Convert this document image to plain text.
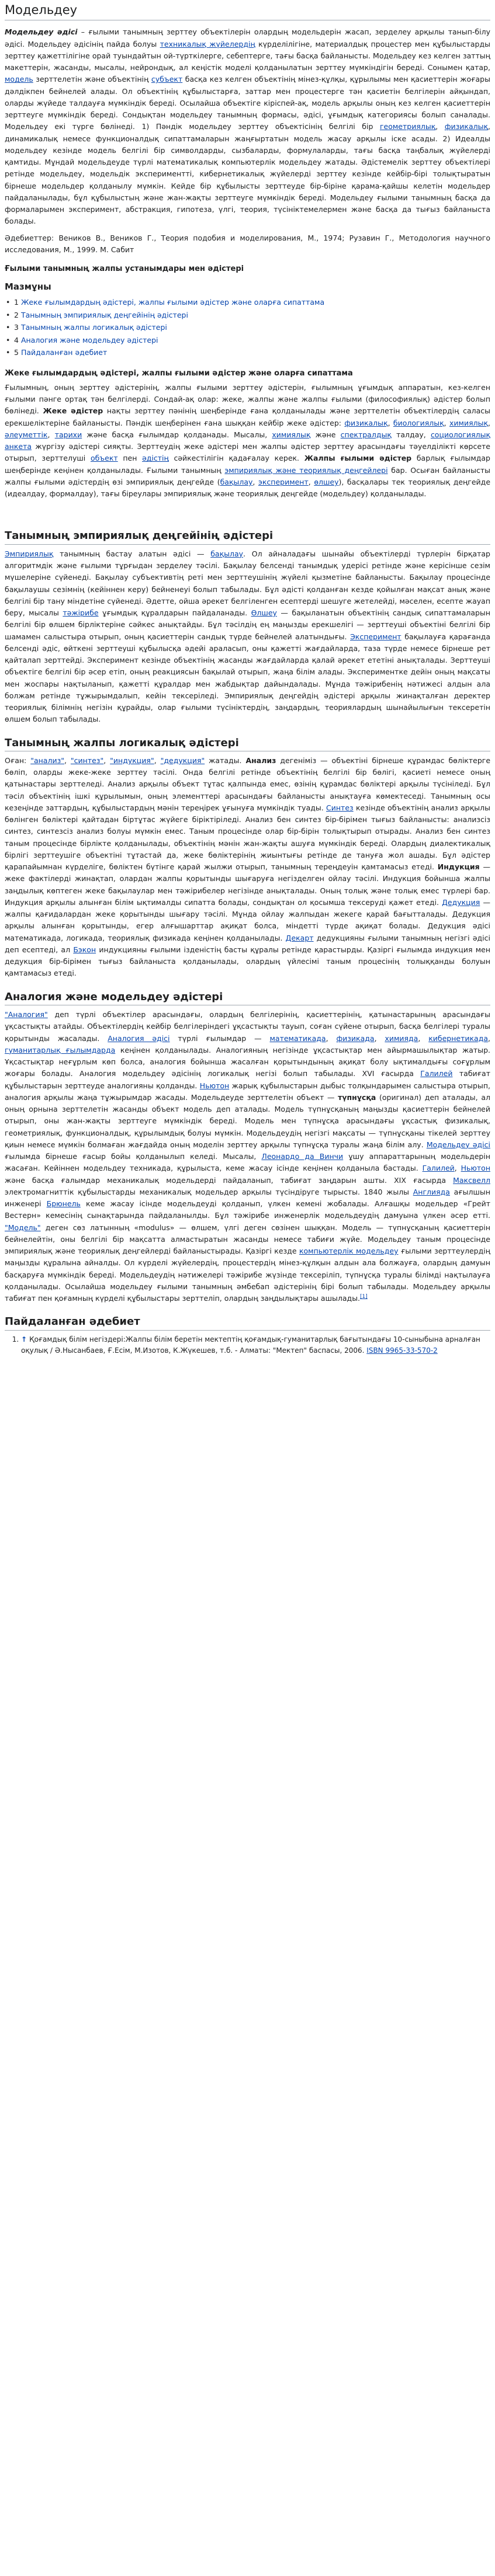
Модельдеу

Модельдеу әдісі – ғылыми танымның зерттеу объектілерін олардың модельдерін жасап, зерделеу арқылы танып-білу әдісі. Модельдеу әдісінің пайда болуы техникалық жүйелердің күрделілігіне, материалдық процестер мен құбылыстарды зерттеу қажеттілігіне орай туындайтын ой-түрткілерге, себептерге, тағы басқа байланысты. Модельдеу кез келген заттың макеттерін, жасанды, мысалы, нейрондық, ал кеңістік моделі қолданылатын зерттеу мүмкіндігін береді. Сонымен қатар, модель зерттелетін және объектінің субъект басқа кез келген объектінің мінез-құлқы, құрылымы мен қасиеттерін жоғары дәлдікпен бейнелей алады. Ол объектінің құбылыстарға, заттар мен процестерге тән қасиетін белгілерін айқындап, оларды жүйеде талдауға мүмкіндік береді. Осылайша объектіге кіріспей-ақ, модель арқылы оның кез келген қасиеттерін зерттеуге мүмкіндік береді. Сондықтан модельдеу танымның формасы, әдісі, ұғымдық категориясы болып саналады. Модельдеу екі түрге бөлінеді. 1) Пәндік модельдеу зерттеу объектісінің белгілі бір геометриялық, физикалық, динамикалық немесе функционалдық сипаттамаларын жаңғыртатын модель жасау арқылы іске асады. 2) Идеалды модельдеу кезінде модель белгілі бір символдарды, сызбаларды, формулаларды, тағы басқа таңбалық жүйелерді қамтиды. Мұндай модельдеуде түрлі математикалық компьютерлік модельдеу жатады. Әдістемелік зерттеу объектілері ретінде модельдеу, модельдік экспериментті, кибернетикалық жүйелерді зерттеу кезінде кейбір-бірі толықтыратын бірнеше модельдер қолданылу мүмкін. Кейде бір құбылысты зерттеуде бір-біріне қарама-қайшы келетін модельдер пайдаланылады, бұл құбылыстың және жан-жақты зерттеуге мүмкіндік береді. Модельдеу ғылыми танымның басқа да формаларымен эксперимент, абстракция, гипотеза, үлгі, теория, түсініктемелермен және басқа да тығыз байланыста болады.

Әдебиеттер: Веников В., Веников Г., Теория подобия и моделирования, М., 1974; Рузавин Г., Методология научного исследования, М., 1999. М. Сабит

Ғылыми танымның жалпы устанымдары мен әдістері
Мазмұны
• 1 Жеке ғылымдардың әдістері, жалпы ғылыми әдістер және оларға сипаттама
• 2 Танымның эмпириялық деңгейінің әдістері
• 3 Танымның жалпы логикалық әдістері
• 4 Аналогия және модельдеу әдістері
• 5 Пайдаланған әдебиет
Жеке ғылымдардың әдістері, жалпы ғылыми әдістер және оларға сипаттама

Ғылымның, оның зерттеу әдістерінің, жалпы ғылыми зерттеу әдістерін, ғылымның ұғымдық аппаратын, кез-келген ғылыми пәнге ортақ тән белгілерді. Сондай-ақ олар: жеке, жалпы және жалпы ғылыми (философиялық) әдістер болып бөлінеді. Жеке әдістер нақты зерттеу пәнінің шеңберінде ғана қолданылады және зерттелетін объектілердің саласы ерекшеліктеріне байланысты. Пәндік шеңберінен ғана шыққан кейбір жеке әдістер: физикалық, биологиялық, химиялық, әлеуметтік, тарихи және басқа ғылымдар қолданады. Мысалы, химиялық және спектралдық талдау, социологиялық анкета жүргізу әдістері сияқты. Зерттеудің жеке әдістері мен жалпы әдістер зерттеу арасындағы тәуелділікті көрсете отырып, зерттелуші объект пен әдістің сәйкестілігін қадағалау керек. Жалпы ғылыми әдістер барлық ғылымдар шеңберінде кеңінен қолданылады. Ғылыми танымның эмпириялық және теориялық деңгейлері бар. Осыған байланысты жалпы ғылыми әдістердің өзі эмпириялық деңгейде (бақылау, эксперимент, өлшеу), басқалары тек теориялық деңгейде (идеалдау, формалдау), тағы біреулары эмпириялық және теориялық деңгейде (модельдеу) қолданылады.

Танымның эмпириялық деңгейінің әдістері

Эмпириялық танымның бастау алатын әдісі — бақылау. Ол айналадағы шынайы объектілерді түрлерін бірқатар алгоритмдік және ғылыми тұрғыдан зерделеу тәсілі. Бақылау белсенді танымдық удерісі ретінде және керісінше сезім мүшелеріне сүйенеді. Бақылау субъективтің реті мен зерттеушінің жүйелі қызметіне байланысты. Бақылау процесінде бақылаушы сезімнің (кейіннен керу) бейненеуі болып табылады. Бұл әдісті қолданған кезде қойылған мақсат анық және белгілі бір тану міндетіне сүйенеді. Әдетте, ойша әрекет белгіленген есептерді шешуге жетелейді, мәселен, есепте жауап беру, мысалы тәжірибе ұғымдық құралдарын пайдаланады. Өлшеу — бақыланатын объектінің сандық сипаттамаларын белгілі бір өлшем бірліктеріне сәйкес анықтайды. Бұл тәсілдің ең маңызды ерекшелігі — зерттеуші объектіні белгілі бір шамамен салыстыра отырып, оның қасиеттерін сандық түрде бейнелей алатындығы. Эксперимент бақылауға қарағанда белсенді әдіс, өйткені зерттеуші құбылысқа әдейі араласып, оны қажетті жағдайларда, таза түрде немесе бірнеше рет қайталап зерттейді. Эксперимент кезінде объектінің жасанды жағдайларда қалай әрекет ететіні анықталады. Зерттеуші объектіге белгілі бір әсер етіп, оның реакциясын бақылай отырып, жаңа білім алады. Экспериментке дейін оның мақсаты мен жоспары нақтыланып, қажетті құралдар мен жабдықтар дайындалады. Мұнда тәжірибенің нәтижесі алдын ала болжам ретінде тұжырымдалып, кейін тексеріледі. Эмпириялық деңгейдің әдістері арқылы жинақталған деректер теориялық білімнің негізін құрайды, олар ғылыми түсініктердің, заңдардың, теориялардың шынайылығын тексеретін өлшем болып табылады.

Танымның жалпы логикалық әдістері

Оған: "анализ", "синтез", "индукция", "дедукция" жатады. Анализ дегеніміз — объектіні бірнеше құрамдас бөліктерге бөліп, оларды жеке-жеке зерттеу тәсілі. Онда белгілі ретінде объектінің белгілі бір бөлігі, қасиеті немесе оның қатынастары зерттеледі. Анализ арқылы объект тұтас қалпында емес, өзінің құрамдас бөліктері арқылы түсініледі. Бұл тәсіл объектінің ішкі құрылымын, оның элементтері арасындағы байланысты анықтауға көмектеседі. Танымның осы кезеңінде заттардың, құбылыстардың мәнін тереңірек ұғынуға мүмкіндік туады. Синтез кезінде объектінің анализ арқылы бөлінген бөліктері қайтадан біртұтас жүйеге біріктіріледі. Анализ бен синтез бір-бірімен тығыз байланысты: анализсіз синтез, синтезсіз анализ болуы мүмкін емес. Таным процесінде олар бір-бірін толықтырып отырады. Анализ бен синтез таным процесінде бірлікте қолданылады, объектінің мәнін жан-жақты ашуға мүмкіндік береді. Олардың диалектикалық бірлігі зерттеушіге объектіні тұтастай да, жеке бөліктерінің жиынтығы ретінде де тануға жол ашады. Бұл әдістер қарапайымнан күрделіге, бөліктен бүтінге қарай жылжи отырып, танымның тереңдеуін қамтамасыз етеді. Индукция — жеке фактілерді жинақтап, олардан жалпы қорытынды шығаруға негізделген ойлау тәсілі. Индукция бойынша жалпы заңдылық көптеген жеке бақылаулар мен тәжірибелер негізінде анықталады. Оның толық және толық емес түрлері бар. Индукция арқылы алынған білім ықтималды сипатта болады, сондықтан ол қосымша тексеруді қажет етеді. Дедукция — жалпы қағидалардан жеке қорытынды шығару тәсілі. Мұнда ойлау жалпыдан жекеге қарай бағытталады. Дедукция арқылы алынған қорытынды, егер алғышарттар ақиқат болса, міндетті түрде ақиқат болады. Дедукция әдісі математикада, логикада, теориялық физикада кеңінен қолданылады. Декарт дедукцияны ғылыми танымның негізгі әдісі деп есептеді, ал Бэкон индукцияны ғылыми ізденістің басты құралы ретінде қарастырды. Қазіргі ғылымда индукция мен дедукция бір-бірімен тығыз байланыста қолданылады, олардың үйлесімі таным процесінің толыққанды болуын қамтамасыз етеді.

Аналогия және модельдеу әдістері

"Аналогия" деп түрлі объектілер арасындағы, олардың белгілерінің, қасиеттерінің, қатынастарының арасындағы ұқсастықты атайды. Объектілердің кейбір белгілеріндегі ұқсастықты тауып, соған сүйене отырып, басқа белгілері туралы қорытынды жасалады. Аналогия әдісі түрлі ғылымдар — математикада, физикада, химияда, кибернетикада, гуманитарлық ғылымдарда кеңінен қолданылады. Аналогияның негізінде ұқсастықтар мен айырмашылықтар жатыр. Ұқсастықтар неғұрлым көп болса, аналогия бойынша жасалған қорытындының ақиқат болу ықтималдығы соғұрлым жоғары болады. Аналогия модельдеу әдісінің логикалық негізі болып табылады. XVI ғасырда Галилей табиғат құбылыстарын зерттеуде аналогияны қолданды. Ньютон жарық құбылыстарын дыбыс толқындарымен салыстыра отырып, аналогия арқылы жаңа тұжырымдар жасады. Модельдеуде зерттелетін объект — түпнұсқа (оригинал) деп аталады, ал оның орнына зерттелетін жасанды объект модель деп аталады. Модель түпнұсқаның маңызды қасиеттерін бейнелей отырып, оны жан-жақты зерттеуге мүмкіндік береді. Модель мен түпнұсқа арасындағы ұқсастық физикалық, геометриялық, функционалдық, құрылымдық болуы мүмкін. Модельдеудің негізгі мақсаты — түпнұсқаны тікелей зерттеу қиын немесе мүмкін болмаған жағдайда оның моделін зерттеу арқылы түпнұсқа туралы жаңа білім алу. Модельдеу әдісі ғылымда бірнеше ғасыр бойы қолданылып келеді. Мысалы, Леонардо да Винчи ұшу аппараттарының модельдерін жасаған. Кейіннен модельдеу техникада, құрылыста, кеме жасау ісінде кеңінен қолданыла бастады. Галилей, Ньютон және басқа ғалымдар механикалық модельдерді пайдаланып, табиғат заңдарын ашты. XIX ғасырда Максвелл электромагниттік құбылыстарды механикалық модельдер арқылы түсіндіруге тырысты. 1840 жылы Англияда ағылшын инженері Брюнель кеме жасау ісінде модельдеуді қолданып, үлкен кемені жобалады. Алғашқы модельдер «Грейт Вестерн» кемесінің сынақтарында пайдаланылды. Бұл тәжірибе инженерлік модельдеудің дамуына үлкен әсер етті. "Модель" деген сөз латынның «modulus» — өлшем, үлгі деген сөзінен шыққан. Модель — түпнұсқаның қасиеттерін бейнелейтін, оны белгілі бір мақсатта алмастыратын жасанды немесе табиғи жүйе. Модельдеу таным процесінде эмпириялық және теориялық деңгейлерді байланыстырады. Қазіргі кезде компьютерлік модельдеу ғылыми зерттеулердің маңызды құралына айналды. Ол күрделі жүйелердің, процестердің мінез-құлқын алдын ала болжауға, олардың дамуын басқаруға мүмкіндік береді. Модельдеудің нәтижелері тәжірибе жүзінде тексеріліп, түпнұсқа туралы білімді нақтылауға қолданылады. Осылайша модельдеу ғылыми танымның әмбебап әдістерінің бірі болып табылады. Модельдеу арқылы табиғат пен қоғамның күрделі құбылыстары зерттеліп, олардың заңдылықтары ашылады.[1]

Пайдаланған әдебиет
1. ↑ Қоғамдық білім негіздері:Жалпы білім беретін мектептің қоғамдық-гуманитарлық бағытындағы 10-сыныбына арналған оқулық / Ә.Нысанбаев, Ғ.Есім, М.Изотов, К.Жүкешев, т.б. - Алматы: "Мектеп" баспасы, 2006. ISBN 9965-33-570-2
